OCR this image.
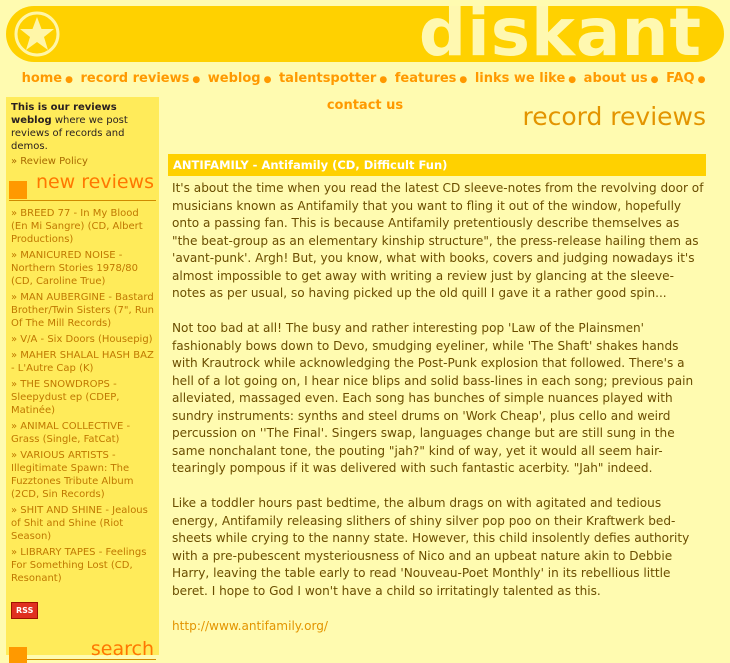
diskant
home ● record reviews ● weblog ● talentspotter ● features ● links we like ● about us ● FAQ ● contact us
This is our reviews weblog where we post reviews of records and demos.
» Review Policy
new reviews
» BREED 77 - In My Blood (En Mi Sangre) (CD, Albert Productions)
» MANICURED NOISE - Northern Stories 1978/80 (CD, Caroline True)
» MAN AUBERGINE - Bastard Brother/Twin Sisters (7", Run Of The Mill Records)
» V/A - Six Doors (Housepig)
» MAHER SHALAL HASH BAZ - L'Autre Cap (K)
» THE SNOWDROPS - Sleepydust ep (CDEP, Matinée)
» ANIMAL COLLECTIVE - Grass (Single, FatCat)
» VARIOUS ARTISTS - Illegitimate Spawn: The Fuzztones Tribute Album (2CD, Sin Records)
» SHIT AND SHINE - Jealous of Shit and Shine (Riot Season)
» LIBRARY TAPES - Feelings For Something Lost (CD, Resonant)
RSS
search
record reviews
ANTIFAMILY - Antifamily (CD, Difficult Fun)

It's about the time when you read the latest CD sleeve-notes from the revolving door of musicians known as Antifamily that you want to fling it out of the window, hopefully onto a passing fan. This is because Antifamily pretentiously describe themselves as "the beat-group as an elementary kinship structure", the press-release hailing them as 'avant-punk'. Argh! But, you know, what with books, covers and judging nowadays it's almost impossible to get away with writing a review just by glancing at the sleeve-notes as per usual, so having picked up the old quill I gave it a rather good spin...

Not too bad at all! The busy and rather interesting pop 'Law of the Plainsmen' fashionably bows down to Devo, smudging eyeliner, while 'The Shaft' shakes hands with Krautrock while acknowledging the Post-Punk explosion that followed. There's a hell of a lot going on, I hear nice blips and solid bass-lines in each song; previous pain alleviated, massaged even. Each song has bunches of simple nuances played with sundry instruments: synths and steel drums on 'Work Cheap', plus cello and weird percussion on ''The Final'. Singers swap, languages change but are still sung in the same nonchalant tone, the pouting "jah?" kind of way, yet it would all seem hair-tearingly pompous if it was delivered with such fantastic acerbity. "Jah" indeed.

Like a toddler hours past bedtime, the album drags on with agitated and tedious energy, Antifamily releasing slithers of shiny silver pop poo on their Kraftwerk bed-sheets while crying to the nanny state. However, this child insolently defies authority with a pre-pubescent mysteriousness of Nico and an upbeat nature akin to Debbie Harry, leaving the table early to read 'Nouveau-Poet Monthly' in its rebellious little beret. I hope to God I won't have a child so irritatingly talented as this.

http://www.antifamily.org/
